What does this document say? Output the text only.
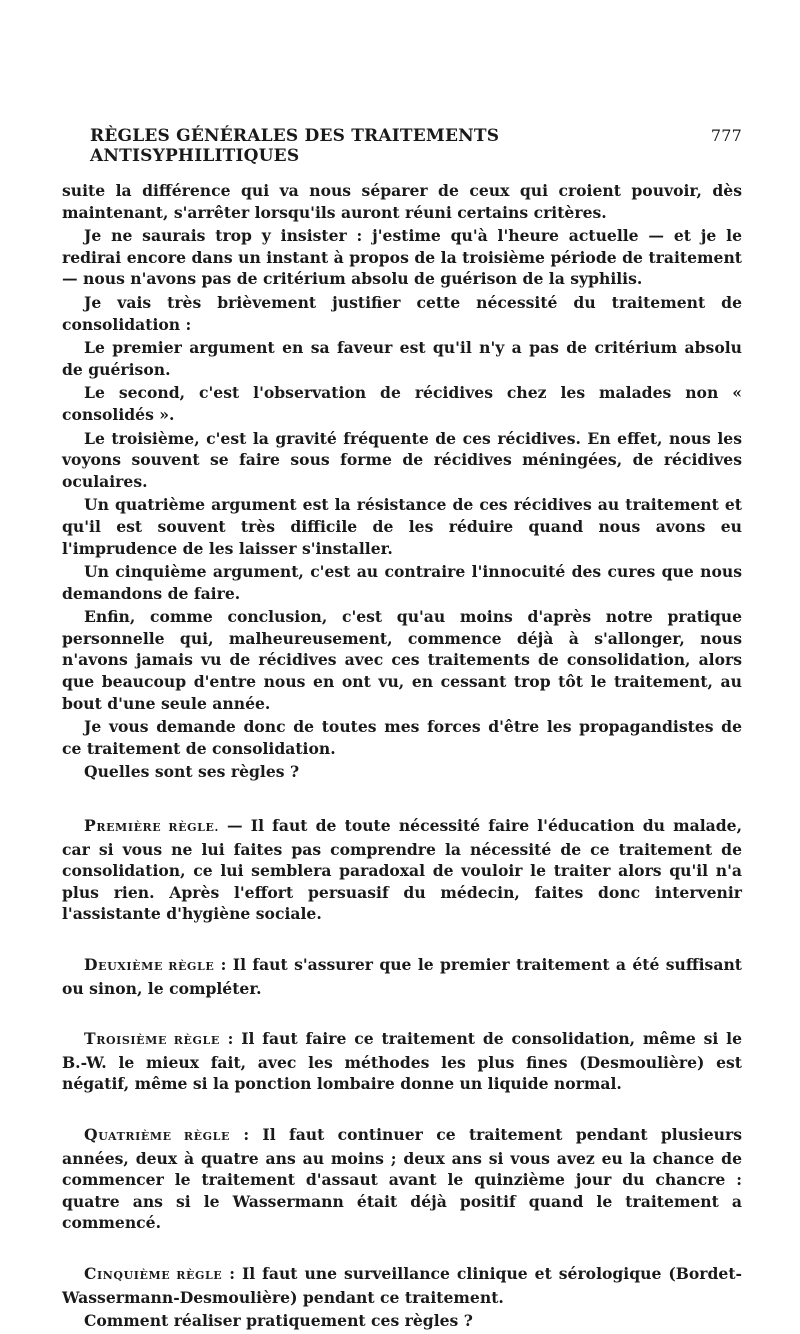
RÈGLES GÉNÉRALES DES TRAITEMENTS ANTISYPHILITIQUES
777

suite la différence qui va nous séparer de ceux qui croient pouvoir, dès maintenant, s'arrêter lorsqu'ils auront réuni certains critères.

Je ne saurais trop y insister : j'estime qu'à l'heure actuelle — et je le redirai encore dans un instant à propos de la troisième période de traitement — nous n'avons pas de critérium absolu de guérison de la syphilis.

Je vais très brièvement justifier cette nécessité du traitement de consolidation :

Le premier argument en sa faveur est qu'il n'y a pas de critérium absolu de guérison.

Le second, c'est l'observation de récidives chez les malades non « consolidés ».

Le troisième, c'est la gravité fréquente de ces récidives. En effet, nous les voyons souvent se faire sous forme de récidives méningées, de récidives oculaires.

Un quatrième argument est la résistance de ces récidives au traitement et qu'il est souvent très difficile de les réduire quand nous avons eu l'imprudence de les laisser s'installer.

Un cinquième argument, c'est au contraire l'innocuité des cures que nous demandons de faire.

Enfin, comme conclusion, c'est qu'au moins d'après notre pratique personnelle qui, malheureusement, commence déjà à s'allonger, nous n'avons jamais vu de récidives avec ces traitements de consolidation, alors que beaucoup d'entre nous en ont vu, en cessant trop tôt le traitement, au bout d'une seule année.

Je vous demande donc de toutes mes forces d'être les propagandistes de ce traitement de consolidation.

Quelles sont ses règles ?

PREMIÈRE RÈGLE. — Il faut de toute nécessité faire l'éducation du malade, car si vous ne lui faites pas comprendre la nécessité de ce traitement de consolidation, ce lui semblera paradoxal de vouloir le traiter alors qu'il n'a plus rien. Après l'effort persuasif du médecin, faites donc intervenir l'assistante d'hygiène sociale.

DEUXIÈME RÈGLE : Il faut s'assurer que le premier traitement a été suffisant ou sinon, le compléter.

TROISIÈME RÈGLE : Il faut faire ce traitement de consolidation, même si le B.-W. le mieux fait, avec les méthodes les plus fines (Desmoulière) est négatif, même si la ponction lombaire donne un liquide normal.

QUATRIÈME RÈGLE : Il faut continuer ce traitement pendant plusieurs années, deux à quatre ans au moins ; deux ans si vous avez eu la chance de commencer le traitement d'assaut avant le quinzième jour du chancre : quatre ans si le Wassermann était déjà positif quand le traitement a commencé.

CINQUIÈME RÈGLE : Il faut une surveillance clinique et sérologique (Bordet-Wassermann-Desmoulière) pendant ce traitement.

Comment réaliser pratiquement ces règles ?
